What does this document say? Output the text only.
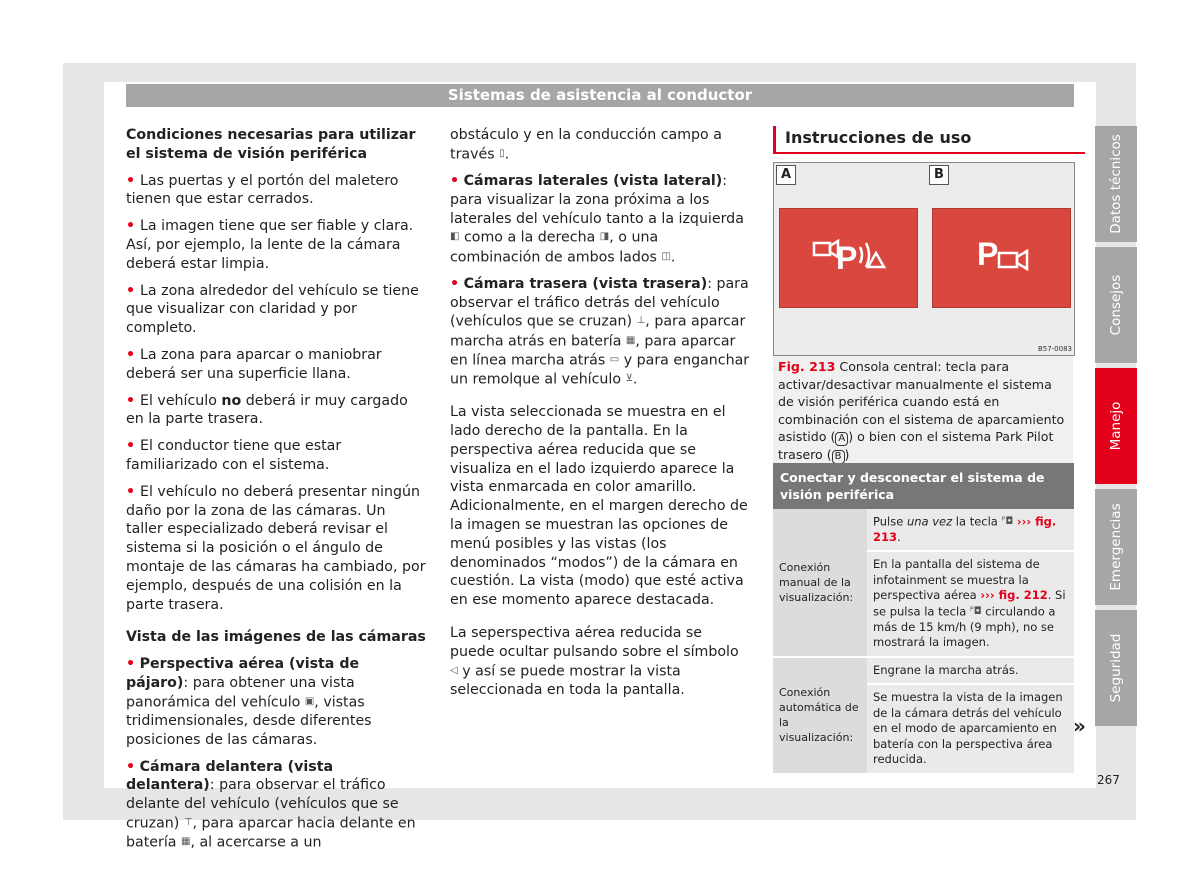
Sistemas de asistencia al conductor

Condiciones necesarias para utilizar el sistema de visión periférica

• Las puertas y el portón del maletero tienen que estar cerrados.

• La imagen tiene que ser fiable y clara. Así, por ejemplo, la lente de la cámara deberá estar limpia.

• La zona alrededor del vehículo se tiene que visualizar con claridad y por completo.

• La zona para aparcar o maniobrar deberá ser una superficie llana.

• El vehículo no deberá ir muy cargado en la parte trasera.

• El conductor tiene que estar familiarizado con el sistema.

• El vehículo no deberá presentar ningún daño por la zona de las cámaras. Un taller especializado deberá revisar el sistema si la posición o el ángulo de montaje de las cámaras ha cambiado, por ejemplo, después de una colisión en la parte trasera.

Vista de las imágenes de las cámaras

• Perspectiva aérea (vista de pájaro): para obtener una vista panorámica del vehículo ▣, vistas tridimensionales, desde diferentes posiciones de las cámaras.

• Cámara delantera (vista delantera): para observar el tráfico delante del vehículo (vehículos que se cruzan) ⊤, para aparcar hacia delante en batería ▦, al acercarse a un

obstáculo y en la conducción campo a través ▯.

• Cámaras laterales (vista lateral): para visualizar la zona próxima a los laterales del vehículo tanto a la izquierda ◧ como a la derecha ◨, o una combinación de ambos lados ◫.

• Cámara trasera (vista trasera): para observar el tráfico detrás del vehículo (vehículos que se cruzan) ⊥, para aparcar marcha atrás en batería ▦, para aparcar en línea marcha atrás ▭ y para enganchar un remolque al vehículo ⊻.

La vista seleccionada se muestra en el lado derecho de la pantalla. En la perspectiva aérea reducida que se visualiza en el lado izquierdo aparece la vista enmarcada en color amarillo. Adicionalmente, en el margen derecho de la imagen se muestran las opciones de menú posibles y las vistas (los denominados “modos”) de la cámara en cuestión. La vista (modo) que esté activa en ese momento aparece destacada.

La seperspectiva aérea reducida se puede ocultar pulsando sobre el símbolo ◁ y así se puede mostrar la vista seleccionada en toda la pantalla.

Instrucciones de uso
A	B
P	P
B57-0083
Fig. 213 Consola central: tecla para activar/desactivar manualmente el sistema de visión periférica cuando está en combinación con el sistema de aparcamiento asistido ( A ) o bien con el sistema Park Pilot trasero ( B )
Conectar y desconectar el sistema de visión periférica	
Conexión manual de la visualización:	Pulse una vez la tecla ᴾ◘ ››› fig. 213.
	En la pantalla del sistema de infotainment se muestra la perspectiva aérea ››› fig. 212. Si se pulsa la tecla ᴾ◘ circulando a más de 15 km/h (9 mph), no se mostrará la imagen.
Conexión automática de la visualización:	Engrane la marcha atrás.
	Se muestra la vista de la imagen de la cámara detrás del vehículo en el modo de aparcamiento en batería con la perspectiva área reducida.
»
Datos técnicos
Consejos
Manejo
Emergencias
Seguridad
267
